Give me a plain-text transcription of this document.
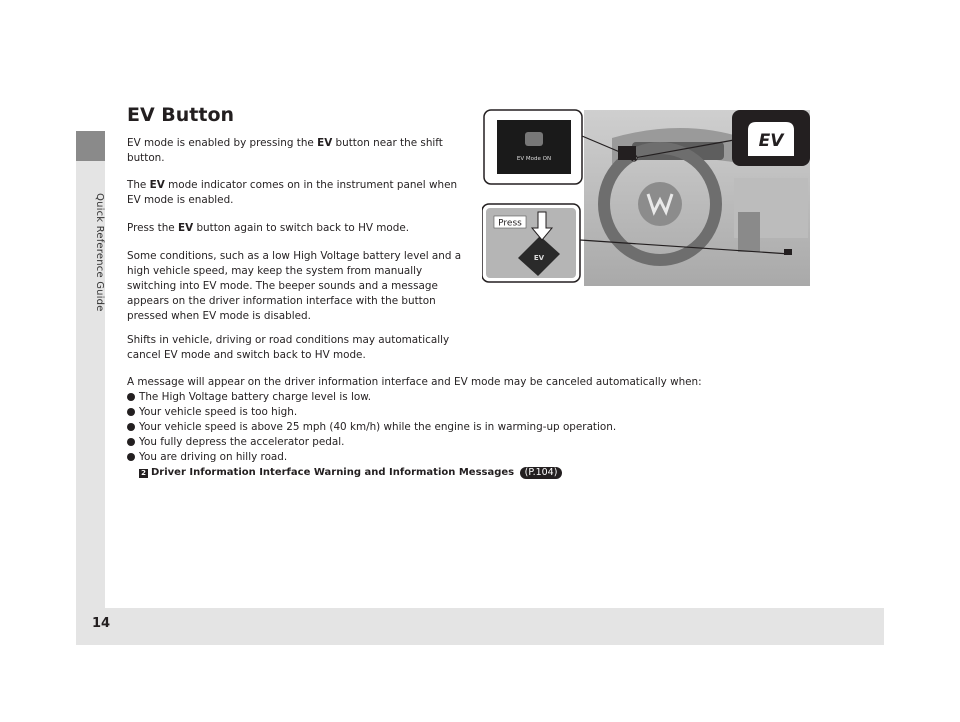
Quick Reference Guide
14
EV Button

EV mode is enabled by pressing the EV button near the shift button.

The EV mode indicator comes on in the instrument panel when EV mode is enabled.

Press the EV button again to switch back to HV mode.

Some conditions, such as a low High Voltage battery level and a high vehicle speed, may keep the system from manually switching into EV mode. The beeper sounds and a message appears on the driver information interface with the button pressed when EV mode is disabled.

Shifts in vehicle, driving or road conditions may automatically cancel EV mode and switch back to HV mode.

A message will appear on the driver information interface and EV mode may be canceled automatically when:

The High Voltage battery charge level is low.
Your vehicle speed is too high.
Your vehicle speed is above 25 mph (40 km/h) while the engine is in warming-up operation.
You fully depress the accelerator pedal.
You are driving on hilly road.
2 Driver Information Interface Warning and Information Messages (P.104)
EV Mode ON
EV
EV
Press
